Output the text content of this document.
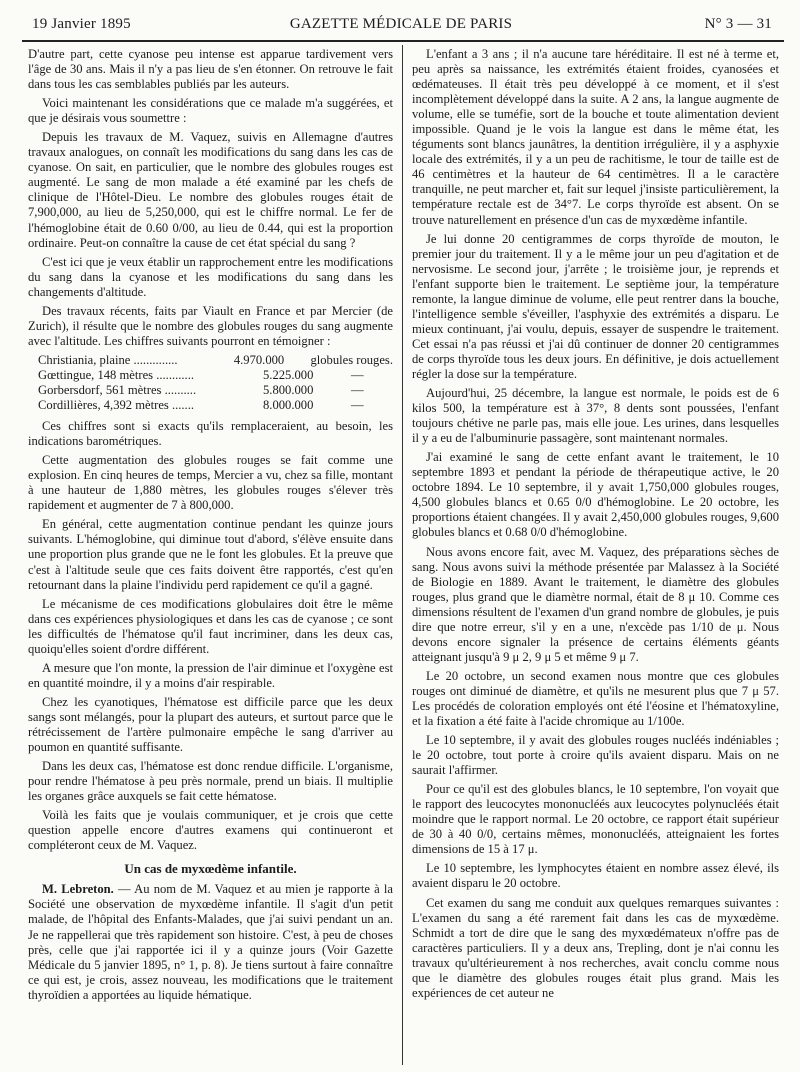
19 Janvier 1895	GAZETTE MÉDICALE DE PARIS	N° 3 — 31

D'autre part, cette cyanose peu intense est apparue tardivement vers l'âge de 30 ans. Mais il n'y a pas lieu de s'en étonner. On retrouve le fait dans tous les cas semblables publiés par les auteurs.

Voici maintenant les considérations que ce malade m'a suggérées, et que je désirais vous soumettre :

Depuis les travaux de M. Vaquez, suivis en Allemagne d'autres travaux analogues, on connaît les modifications du sang dans les cas de cyanose. On sait, en particulier, que le nombre des globules rouges est augmenté. Le sang de mon malade a été examiné par les chefs de clinique de l'Hôtel-Dieu. Le nombre des globules rouges était de 7,900,000, au lieu de 5,250,000, qui est le chiffre normal. Le fer de l'hémoglobine était de 0.60 0/00, au lieu de 0.44, qui est la proportion ordinaire. Peut-on connaître la cause de cet état spécial du sang ?

C'est ici que je veux établir un rapprochement entre les modifications du sang dans la cyanose et les modifications du sang dans les changements d'altitude.

Des travaux récents, faits par Viault en France et par Mercier (de Zurich), il résulte que le nombre des globules rouges du sang augmente avec l'altitude. Les chiffres suivants pourront en témoigner :

Christiania, plaine ..............	4.970.000	globules rouges.
Gœttingue, 148 mètres ............	5.225.000	—
Gorbersdorf, 561 mètres ..........	5.800.000	—
Cordillières, 4,392 mètres .......	8.000.000	—

Ces chiffres sont si exacts qu'ils remplaceraient, au besoin, les indications barométriques.

Cette augmentation des globules rouges se fait comme une explosion. En cinq heures de temps, Mercier a vu, chez sa fille, montant à une hauteur de 1,880 mètres, les globules rouges s'élever très rapidement et augmenter de 7 à 800,000.

En général, cette augmentation continue pendant les quinze jours suivants. L'hémoglobine, qui diminue tout d'abord, s'élève ensuite dans une proportion plus grande que ne le font les globules. Et la preuve que c'est à l'altitude seule que ces faits doivent être rapportés, c'est qu'en retournant dans la plaine l'individu perd rapidement ce qu'il a gagné.

Le mécanisme de ces modifications globulaires doit être le même dans ces expériences physiologiques et dans les cas de cyanose ; ce sont les difficultés de l'hématose qu'il faut incriminer, dans les deux cas, quoiqu'elles soient d'ordre différent.

A mesure que l'on monte, la pression de l'air diminue et l'oxygène est en quantité moindre, il y a moins d'air respirable.

Chez les cyanotiques, l'hématose est difficile parce que les deux sangs sont mélangés, pour la plupart des auteurs, et surtout parce que le rétrécissement de l'artère pulmonaire empêche le sang d'arriver au poumon en quantité suffisante.

Dans les deux cas, l'hématose est donc rendue difficile. L'organisme, pour rendre l'hématose à peu près normale, prend un biais. Il multiplie les organes grâce auxquels se fait cette hématose.

Voilà les faits que je voulais communiquer, et je crois que cette question appelle encore d'autres examens qui continueront et compléteront ceux de M. Vaquez.

Un cas de myxœdème infantile.

M. Lebreton. — Au nom de M. Vaquez et au mien je rapporte à la Société une observation de myxœdème infantile. Il s'agit d'un petit malade, de l'hôpital des Enfants-Malades, que j'ai suivi pendant un an. Je ne rappellerai que très rapidement son histoire. C'est, à peu de choses près, celle que j'ai rapportée ici il y a quinze jours (Voir Gazette Médicale du 5 janvier 1895, n° 1, p. 8). Je tiens surtout à faire connaître ce qui est, je crois, assez nouveau, les modifications que le traitement thyroïdien a apportées au liquide hématique.

L'enfant a 3 ans ; il n'a aucune tare héréditaire. Il est né à terme et, peu après sa naissance, les extrémités étaient froides, cyanosées et œdémateuses. Il était très peu développé à ce moment, et il s'est incomplètement développé dans la suite. A 2 ans, la langue augmente de volume, elle se tuméfie, sort de la bouche et toute alimentation devient impossible. Quand je le vois la langue est dans le même état, les téguments sont blancs jaunâtres, la dentition irrégulière, il y a asphyxie locale des extrémités, il y a un peu de rachitisme, le tour de taille est de 46 centimètres et la hauteur de 64 centimètres. Il a le caractère tranquille, ne peut marcher et, fait sur lequel j'insiste particulièrement, la température rectale est de 34°7. Le corps thyroïde est absent. On se trouve naturellement en présence d'un cas de myxœdème infantile.

Je lui donne 20 centigrammes de corps thyroïde de mouton, le premier jour du traitement. Il y a le même jour un peu d'agitation et de nervosisme. Le second jour, j'arrête ; le troisième jour, je reprends et l'enfant supporte bien le traitement. Le septième jour, la température remonte, la langue diminue de volume, elle peut rentrer dans la bouche, l'intelligence semble s'éveiller, l'asphyxie des extrémités a disparu. Le mieux continuant, j'ai voulu, depuis, essayer de suspendre le traitement. Cet essai n'a pas réussi et j'ai dû continuer de donner 20 centigrammes de corps thyroïde tous les deux jours. En définitive, je dois actuellement régler la dose sur la température.

Aujourd'hui, 25 décembre, la langue est normale, le poids est de 6 kilos 500, la température est à 37°, 8 dents sont poussées, l'enfant toujours chétive ne parle pas, mais elle joue. Les urines, dans lesquelles il y a eu de l'albuminurie passagère, sont maintenant normales.

J'ai examiné le sang de cette enfant avant le traitement, le 10 septembre 1893 et pendant la période de thérapeutique active, le 20 octobre 1894. Le 10 septembre, il y avait 1,750,000 globules rouges, 4,500 globules blancs et 0.65 0/0 d'hémoglobine. Le 20 octobre, les proportions étaient changées. Il y avait 2,450,000 globules rouges, 9,600 globules blancs et 0.68 0/0 d'hémoglobine.

Nous avons encore fait, avec M. Vaquez, des préparations sèches de sang. Nous avons suivi la méthode présentée par Malassez à la Société de Biologie en 1889. Avant le traitement, le diamètre des globules rouges, plus grand que le diamètre normal, était de 8 μ 10. Comme ces dimensions résultent de l'examen d'un grand nombre de globules, je puis dire que notre erreur, s'il y en a une, n'excède pas 1/10 de μ. Nous devons encore signaler la présence de certains éléments géants atteignant jusqu'à 9 μ 2, 9 μ 5 et même 9 μ 7.

Le 20 octobre, un second examen nous montre que ces globules rouges ont diminué de diamètre, et qu'ils ne mesurent plus que 7 μ 57. Les procédés de coloration employés ont été l'éosine et l'hématoxyline, et la fixation a été faite à l'acide chromique au 1/100e.

Le 10 septembre, il y avait des globules rouges nucléés indéniables ; le 20 octobre, tout porte à croire qu'ils avaient disparu. Mais on ne saurait l'affirmer.

Pour ce qu'il est des globules blancs, le 10 septembre, l'on voyait que le rapport des leucocytes mononucléés aux leucocytes polynucléés était moindre que le rapport normal. Le 20 octobre, ce rapport était supérieur de 30 à 40 0/0, certains mêmes, mononucléés, atteignaient les fortes dimensions de 15 à 17 μ.

Le 10 septembre, les lymphocytes étaient en nombre assez élevé, ils avaient disparu le 20 octobre.

Cet examen du sang me conduit aux quelques remarques suivantes : L'examen du sang a été rarement fait dans les cas de myxœdème. Schmidt a tort de dire que le sang des myxœdémateux n'offre pas de caractères particuliers. Il y a deux ans, Trepling, dont je n'ai connu les travaux qu'ultérieurement à nos recherches, avait conclu comme nous que le diamètre des globules rouges était plus grand. Mais les expériences de cet auteur ne
